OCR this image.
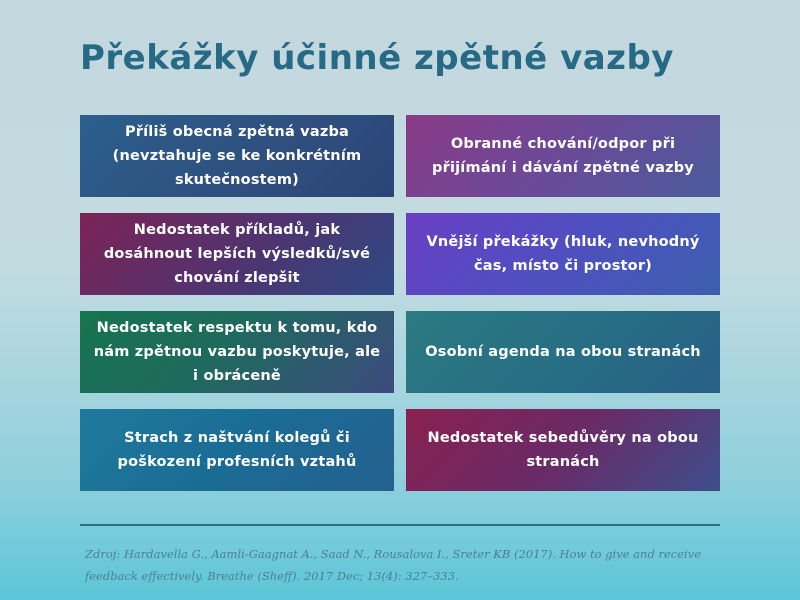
Překážky účinné zpětné vazby
Příliš obecná zpětná vazba (nevztahuje se ke konkrétním skutečnostem)
Obranné chování/odpor při přijímání i dávání zpětné vazby
Nedostatek příkladů, jak dosáhnout lepších výsledků/své chování zlepšit
Vnější překážky (hluk, nevhodný čas, místo či prostor)
Nedostatek respektu k tomu, kdo nám zpětnou vazbu poskytuje, ale i obráceně
Osobní agenda na obou stranách
Strach z naštvání kolegů či poškození profesních vztahů
Nedostatek sebedůvěry na obou stranách

Zdroj: Hardavella G., Aamli-Gaagnat A., Saad N., Rousalova I., Sreter KB (2017). How to give and receive feedback effectively. Breathe (Sheff). 2017 Dec; 13(4): 327–333.
